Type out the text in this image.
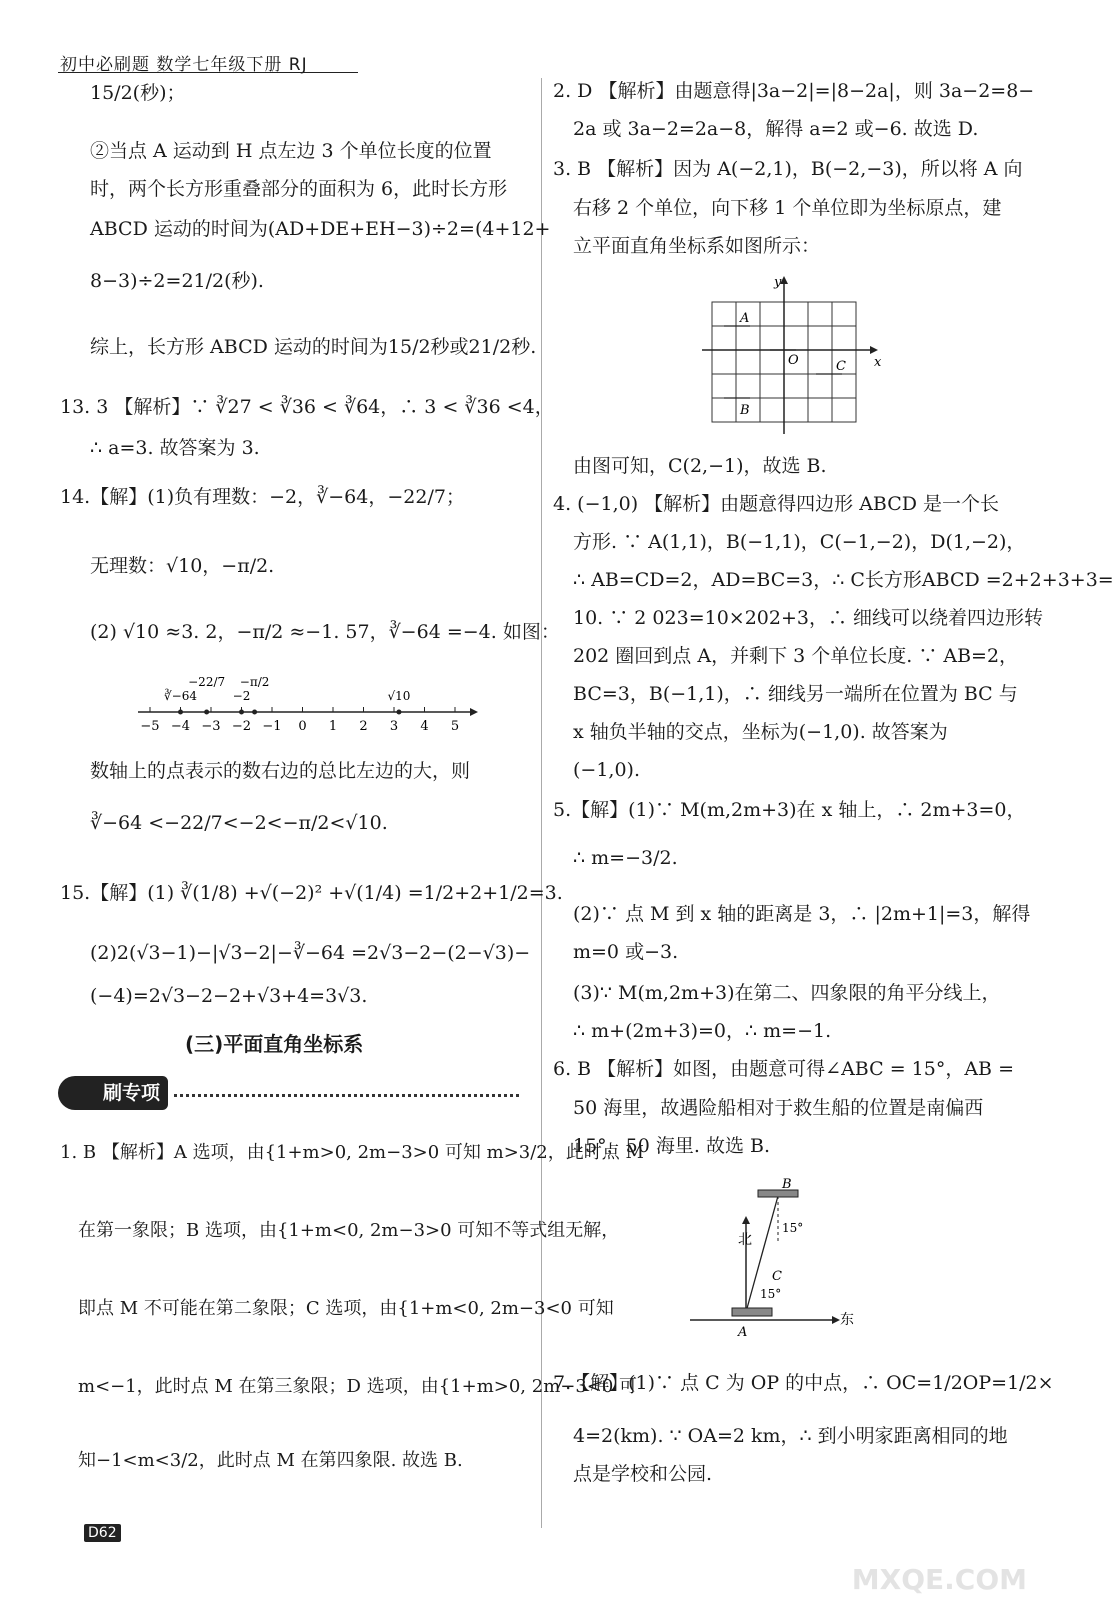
初中必刷题 数学七年级下册 RJ
15/2(秒)；
②当点 A 运动到 H 点左边 3 个单位长度的位置
时，两个长方形重叠部分的面积为 6，此时长方形
ABCD 运动的时间为(AD+DE+EH−3)÷2=(4+12+
8−3)÷2=21/2(秒).
综上，长方形 ABCD 运动的时间为15/2秒或21/2秒.
13. 3 【解析】∵ ∛27 < ∛36 < ∛64，∴ 3 < ∛36 <4，
∴ a=3. 故答案为 3.
14.【解】(1)负有理数：−2，∛−64，−22/7；
无理数：√10，−π/2.
(2) √10 ≈3. 2，−π/2 ≈−1. 57，∛−64 =−4. 如图：
−5 −4 −3 −2 −1 0 1 2 3 4 5
∛−64
−22/7
−2
−π/2
√10
数轴上的点表示的数右边的总比左边的大，则
∛−64 <−22/7<−2<−π/2<√10.
15.【解】(1) ∛(1/8) +√(−2)² +√(1/4) =1/2+2+1/2=3.
(2)2(√3−1)−|√3−2|−∛−64 =2√3−2−(2−√3)−
(−4)=2√3−2−2+√3+4=3√3.
(三)平面直角坐标系
刷专项
1. B 【解析】A 选项，由{1+m>0, 2m−3>0 可知 m>3/2，此时点 M
在第一象限；B 选项，由{1+m<0, 2m−3>0 可知不等式组无解，
即点 M 不可能在第二象限；C 选项，由{1+m<0, 2m−3<0 可知
m<−1，此时点 M 在第三象限；D 选项，由{1+m>0, 2m−3<0 可
知−1<m<3/2，此时点 M 在第四象限. 故选 B.
2. D 【解析】由题意得|3a−2|=|8−2a|，则 3a−2=8−
2a 或 3a−2=2a−8，解得 a=2 或−6. 故选 D.
3. B 【解析】因为 A(−2,1)，B(−2,−3)，所以将 A 向
右移 2 个单位，向下移 1 个单位即为坐标原点，建
立平面直角坐标系如图所示：
y
x
O
A
B
C
由图可知，C(2,−1)，故选 B.
4. (−1,0) 【解析】由题意得四边形 ABCD 是一个长
方形. ∵ A(1,1)，B(−1,1)，C(−1,−2)，D(1,−2)，
∴ AB=CD=2，AD=BC=3，∴ C长方形ABCD =2+2+3+3=
10. ∵ 2 023=10×202+3，∴ 细线可以绕着四边形转
202 圈回到点 A，并剩下 3 个单位长度. ∵ AB=2，
BC=3，B(−1,1)，∴ 细线另一端所在位置为 BC 与
x 轴负半轴的交点，坐标为(−1,0). 故答案为
(−1,0).
5.【解】(1)∵ M(m,2m+3)在 x 轴上，∴ 2m+3=0，
∴ m=−3/2.
(2)∵ 点 M 到 x 轴的距离是 3，∴ |2m+1|=3，解得
m=0 或−3.
(3)∵ M(m,2m+3)在第二、四象限的角平分线上，
∴ m+(2m+3)=0，∴ m=−1.
6. B 【解析】如图，由题意可得∠ABC = 15°，AB =
50 海里，故遇险船相对于救生船的位置是南偏西
15°，50 海里. 故选 B.
B
北
东
C
A
15°
15°
7.【解】(1)∵ 点 C 为 OP 的中点，∴ OC=1/2OP=1/2×
4=2(km). ∵ OA=2 km，∴ 到小明家距离相同的地
点是学校和公园.
D62
MXQE.COM
